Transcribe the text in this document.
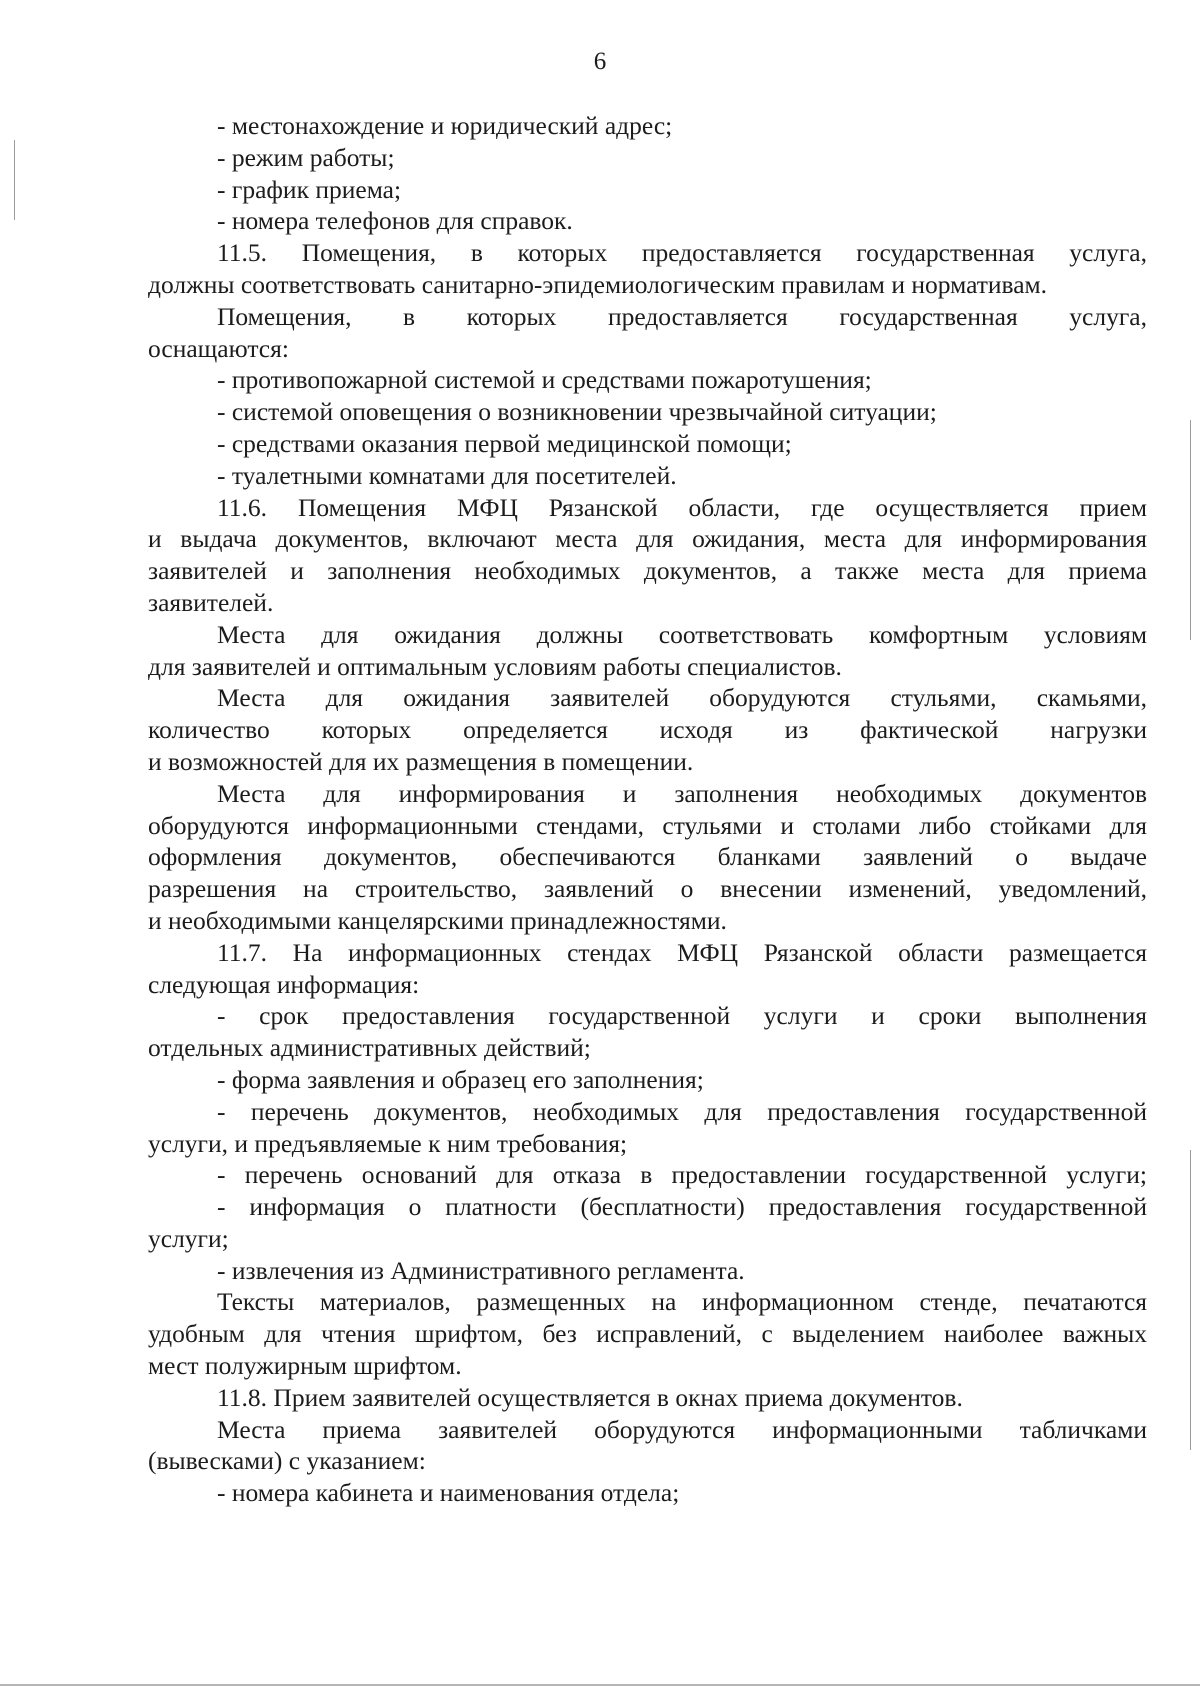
6
- местонахождение и юридический адрес;
- режим работы;
- график приема;
- номера телефонов для справок.
11.5. Помещения, в которых предоставляется государственная услуга,
должны соответствовать санитарно-эпидемиологическим правилам и нормативам.
Помещения, в которых предоставляется государственная услуга,
оснащаются:
- противопожарной системой и средствами пожаротушения;
- системой оповещения о возникновении чрезвычайной ситуации;
- средствами оказания первой медицинской помощи;
- туалетными комнатами для посетителей.
11.6. Помещения МФЦ Рязанской области, где осуществляется прием
и выдача документов, включают места для ожидания, места для информирования
заявителей и заполнения необходимых документов, а также места для приема
заявителей.
Места для ожидания должны соответствовать комфортным условиям
для заявителей и оптимальным условиям работы специалистов.
Места для ожидания заявителей оборудуются стульями, скамьями,
количество которых определяется исходя из фактической нагрузки
и возможностей для их размещения в помещении.
Места для информирования и заполнения необходимых документов
оборудуются информационными стендами, стульями и столами либо стойками для
оформления документов, обеспечиваются бланками заявлений о выдаче
разрешения на строительство, заявлений о внесении изменений, уведомлений,
и необходимыми канцелярскими принадлежностями.
11.7. На информационных стендах МФЦ Рязанской области размещается
следующая информация:
- срок предоставления государственной услуги и сроки выполнения
отдельных административных действий;
- форма заявления и образец его заполнения;
- перечень документов, необходимых для предоставления государственной
услуги, и предъявляемые к ним требования;
- перечень оснований для отказа в предоставлении государственной услуги;
- информация о платности (бесплатности) предоставления государственной
услуги;
- извлечения из Административного регламента.
Тексты материалов, размещенных на информационном стенде, печатаются
удобным для чтения шрифтом, без исправлений, с выделением наиболее важных
мест полужирным шрифтом.
11.8. Прием заявителей осуществляется в окнах приема документов.
Места приема заявителей оборудуются информационными табличками
(вывесками) с указанием:
- номера кабинета и наименования отдела;
